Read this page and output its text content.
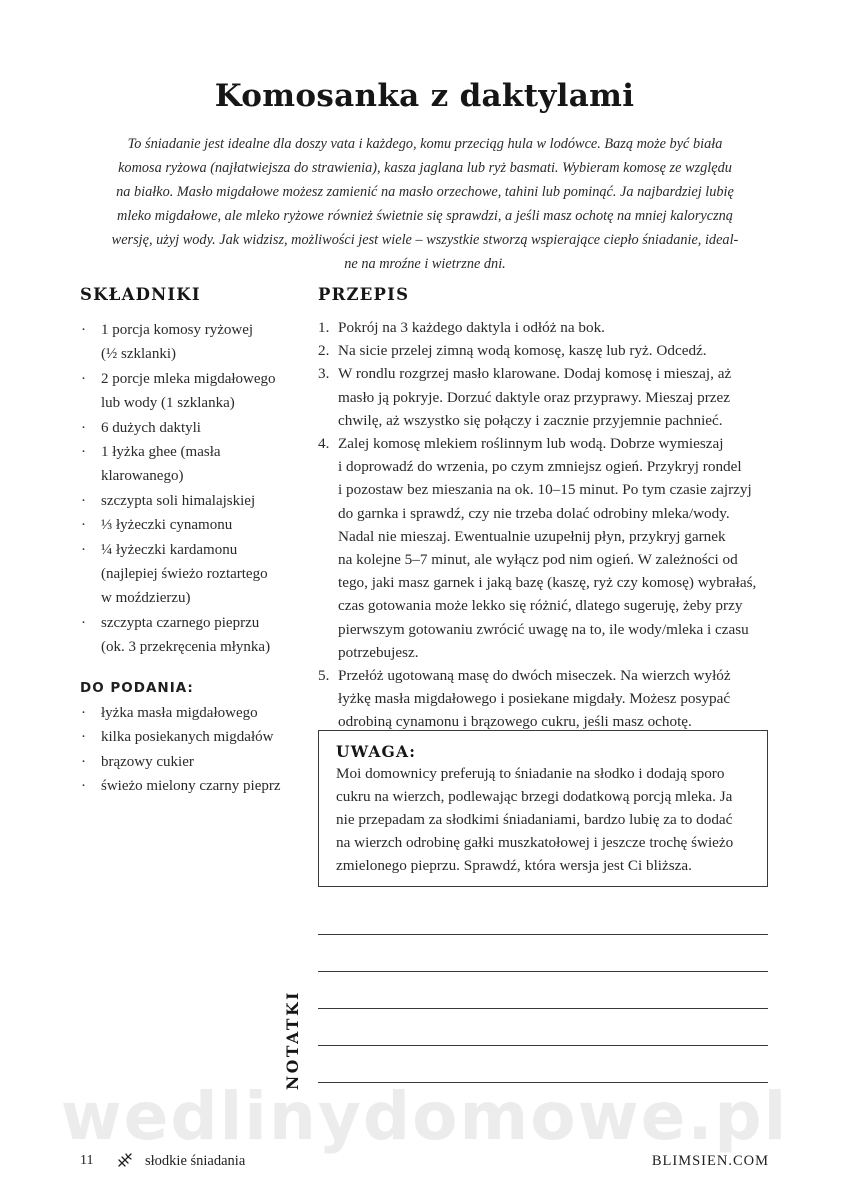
Komosanka z daktylami
To śniadanie jest idealne dla doszy vata i każdego, komu przeciąg hula w lodówce. Bazą może być biała
komosa ryżowa (najłatwiejsza do strawienia), kasza jaglana lub ryż basmati. Wybieram komosę ze względu
na białko. Masło migdałowe możesz zamienić na masło orzechowe, tahini lub pominąć. Ja najbardziej lubię
mleko migdałowe, ale mleko ryżowe również świetnie się sprawdzi, a jeśli masz ochotę na mniej kaloryczną
wersję, użyj wody. Jak widzisz, możliwości jest wiele – wszystkie stworzą wspierające ciepło śniadanie, ideal-
ne na mroźne i wietrzne dni.
SKŁADNIKI	PRZEPIS
· 1 porcja komosy ryżowej
(½ szklanki)
· 2 porcje mleka migdałowego
lub wody (1 szklanka)
· 6 dużych daktyli
· 1 łyżka ghee (masła
klarowanego)
· szczypta soli himalajskiej
· ⅓ łyżeczki cynamonu
· ¼ łyżeczki kardamonu
(najlepiej świeżo roztartego
w moździerzu)
· szczypta czarnego pieprzu
(ok. 3 przekręcenia młynka)
DO PODANIA:
· łyżka masła migdałowego
· kilka posiekanych migdałów
· brązowy cukier
· świeżo mielony czarny pieprz
1. Pokrój na 3 każdego daktyla i odłóż na bok.
2. Na sicie przelej zimną wodą komosę, kaszę lub ryż. Odcedź.
3. W rondlu rozgrzej masło klarowane. Dodaj komosę i mieszaj, aż
masło ją pokryje. Dorzuć daktyle oraz przyprawy. Mieszaj przez
chwilę, aż wszystko się połączy i zacznie przyjemnie pachnieć.
4. Zalej komosę mlekiem roślinnym lub wodą. Dobrze wymieszaj
i doprowadź do wrzenia, po czym zmniejsz ogień. Przykryj rondel
i pozostaw bez mieszania na ok. 10–15 minut. Po tym czasie zajrzyj
do garnka i sprawdź, czy nie trzeba dolać odrobiny mleka/wody.
Nadal nie mieszaj. Ewentualnie uzupełnij płyn, przykryj garnek
na kolejne 5–7 minut, ale wyłącz pod nim ogień. W zależności od
tego, jaki masz garnek i jaką bazę (kaszę, ryż czy komosę) wybrałaś,
czas gotowania może lekko się różnić, dlatego sugeruję, żeby przy
pierwszym gotowaniu zwrócić uwagę na to, ile wody/mleka i czasu
potrzebujesz.
5. Przełóż ugotowaną masę do dwóch miseczek. Na wierzch wyłóż
łyżkę masła migdałowego i posiekane migdały. Możesz posypać
odrobiną cynamonu i brązowego cukru, jeśli masz ochotę.
UWAGA:
Moi domownicy preferują to śniadanie na słodko i dodają sporo
cukru na wierzch, podlewając brzegi dodatkową porcją mleka. Ja
nie przepadam za słodkimi śniadaniami, bardzo lubię za to dodać
na wierzch odrobinę gałki muszkatołowej i jeszcze trochę świeżo
zmielonego pieprzu. Sprawdź, która wersja jest Ci bliższa.
NOTATKI
wedlinydomowe.pl
11	słodkie śniadania	BLIMSIEN.COM
